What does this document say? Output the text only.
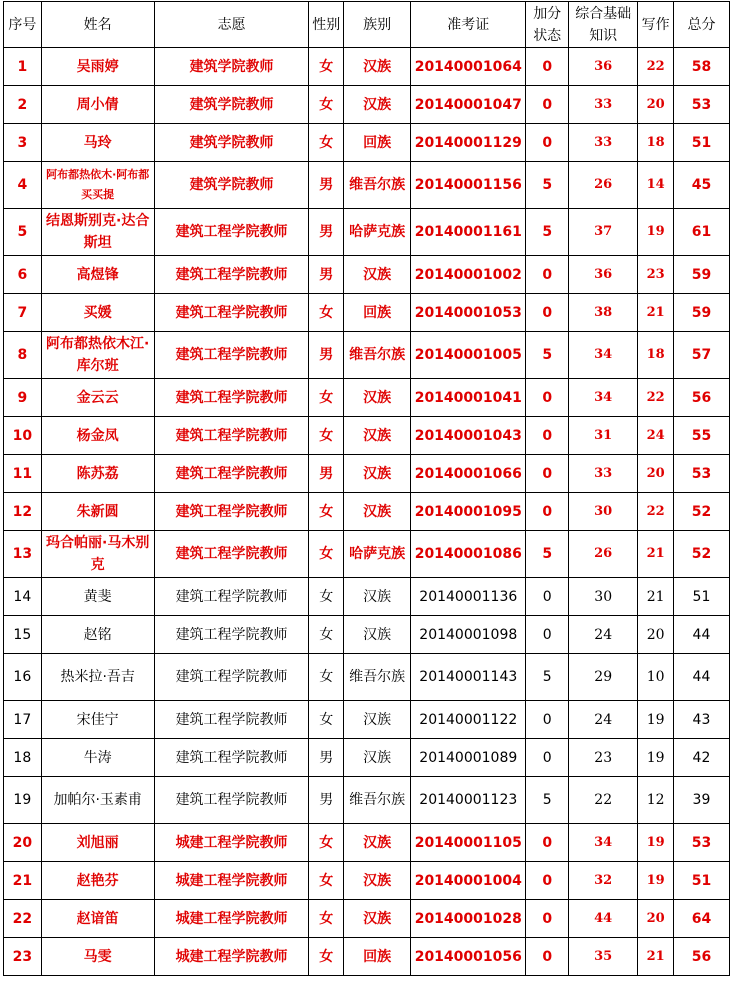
序号	姓名	志愿	性别	族别	准考证	加分状态	综合基础知识	写作	总分
1	吴雨婷	建筑学院教师	女	汉族	20140001064	0	36	22	58
2	周小倩	建筑学院教师	女	汉族	20140001047	0	33	20	53
3	马玲	建筑学院教师	女	回族	20140001129	0	33	18	51
4	阿布都热依木·阿布都买买提	建筑学院教师	男	维吾尔族	20140001156	5	26	14	45
5	结恩斯别克·达合斯坦	建筑工程学院教师	男	哈萨克族	20140001161	5	37	19	61
6	高煜锋	建筑工程学院教师	男	汉族	20140001002	0	36	23	59
7	买媛	建筑工程学院教师	女	回族	20140001053	0	38	21	59
8	阿布都热依木江·库尔班	建筑工程学院教师	男	维吾尔族	20140001005	5	34	18	57
9	金云云	建筑工程学院教师	女	汉族	20140001041	0	34	22	56
10	杨金凤	建筑工程学院教师	女	汉族	20140001043	0	31	24	55
11	陈苏荔	建筑工程学院教师	男	汉族	20140001066	0	33	20	53
12	朱新圆	建筑工程学院教师	女	汉族	20140001095	0	30	22	52
13	玛合帕丽·马木别克	建筑工程学院教师	女	哈萨克族	20140001086	5	26	21	52
14	黄斐	建筑工程学院教师	女	汉族	20140001136	0	30	21	51
15	赵铭	建筑工程学院教师	女	汉族	20140001098	0	24	20	44
16	热米拉·吾吉	建筑工程学院教师	女	维吾尔族	20140001143	5	29	10	44
17	宋佳宁	建筑工程学院教师	女	汉族	20140001122	0	24	19	43
18	牛涛	建筑工程学院教师	男	汉族	20140001089	0	23	19	42
19	加帕尔·玉素甫	建筑工程学院教师	男	维吾尔族	20140001123	5	22	12	39
20	刘旭丽	城建工程学院教师	女	汉族	20140001105	0	34	19	53
21	赵艳芬	城建工程学院教师	女	汉族	20140001004	0	32	19	51
22	赵谙笛	城建工程学院教师	女	汉族	20140001028	0	44	20	64
23	马雯	城建工程学院教师	女	回族	20140001056	0	35	21	56
